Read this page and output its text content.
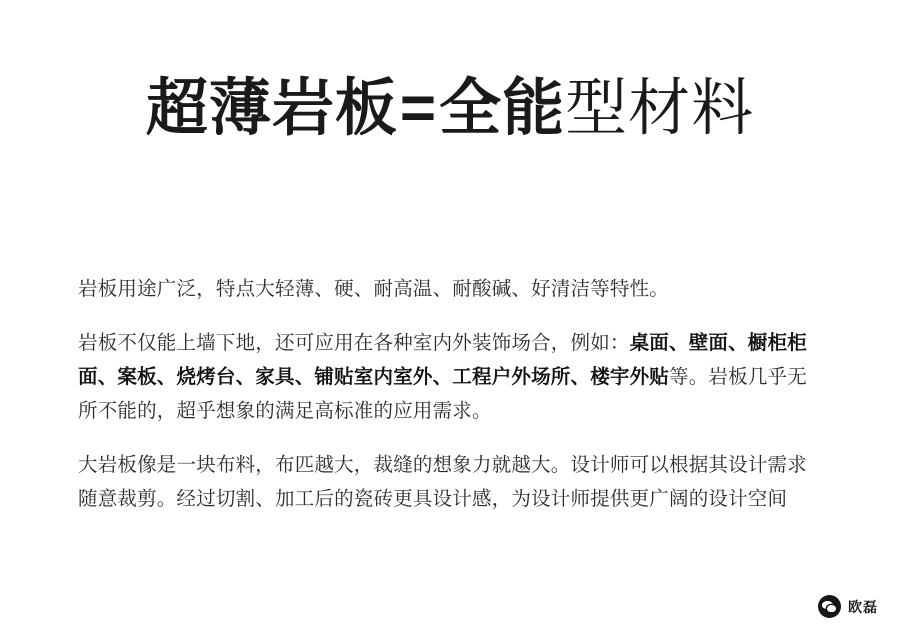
超薄岩板=全能型材料

岩板用途广泛，特点大轻薄、硬、耐高温、耐酸碱、好清洁等特性。

岩板不仅能上墙下地，还可应用在各种室内外装饰场合，例如：桌面、壁面、橱柜柜面、案板、烧烤台、家具、铺贴室内室外、工程户外场所、楼宇外贴等。岩板几乎无所不能的，超乎想象的满足高标准的应用需求。

大岩板像是一块布料，布匹越大，裁缝的想象力就越大。设计师可以根据其设计需求随意裁剪。经过切割、加工后的瓷砖更具设计感，为设计师提供更广阔的设计空间

欧磊
